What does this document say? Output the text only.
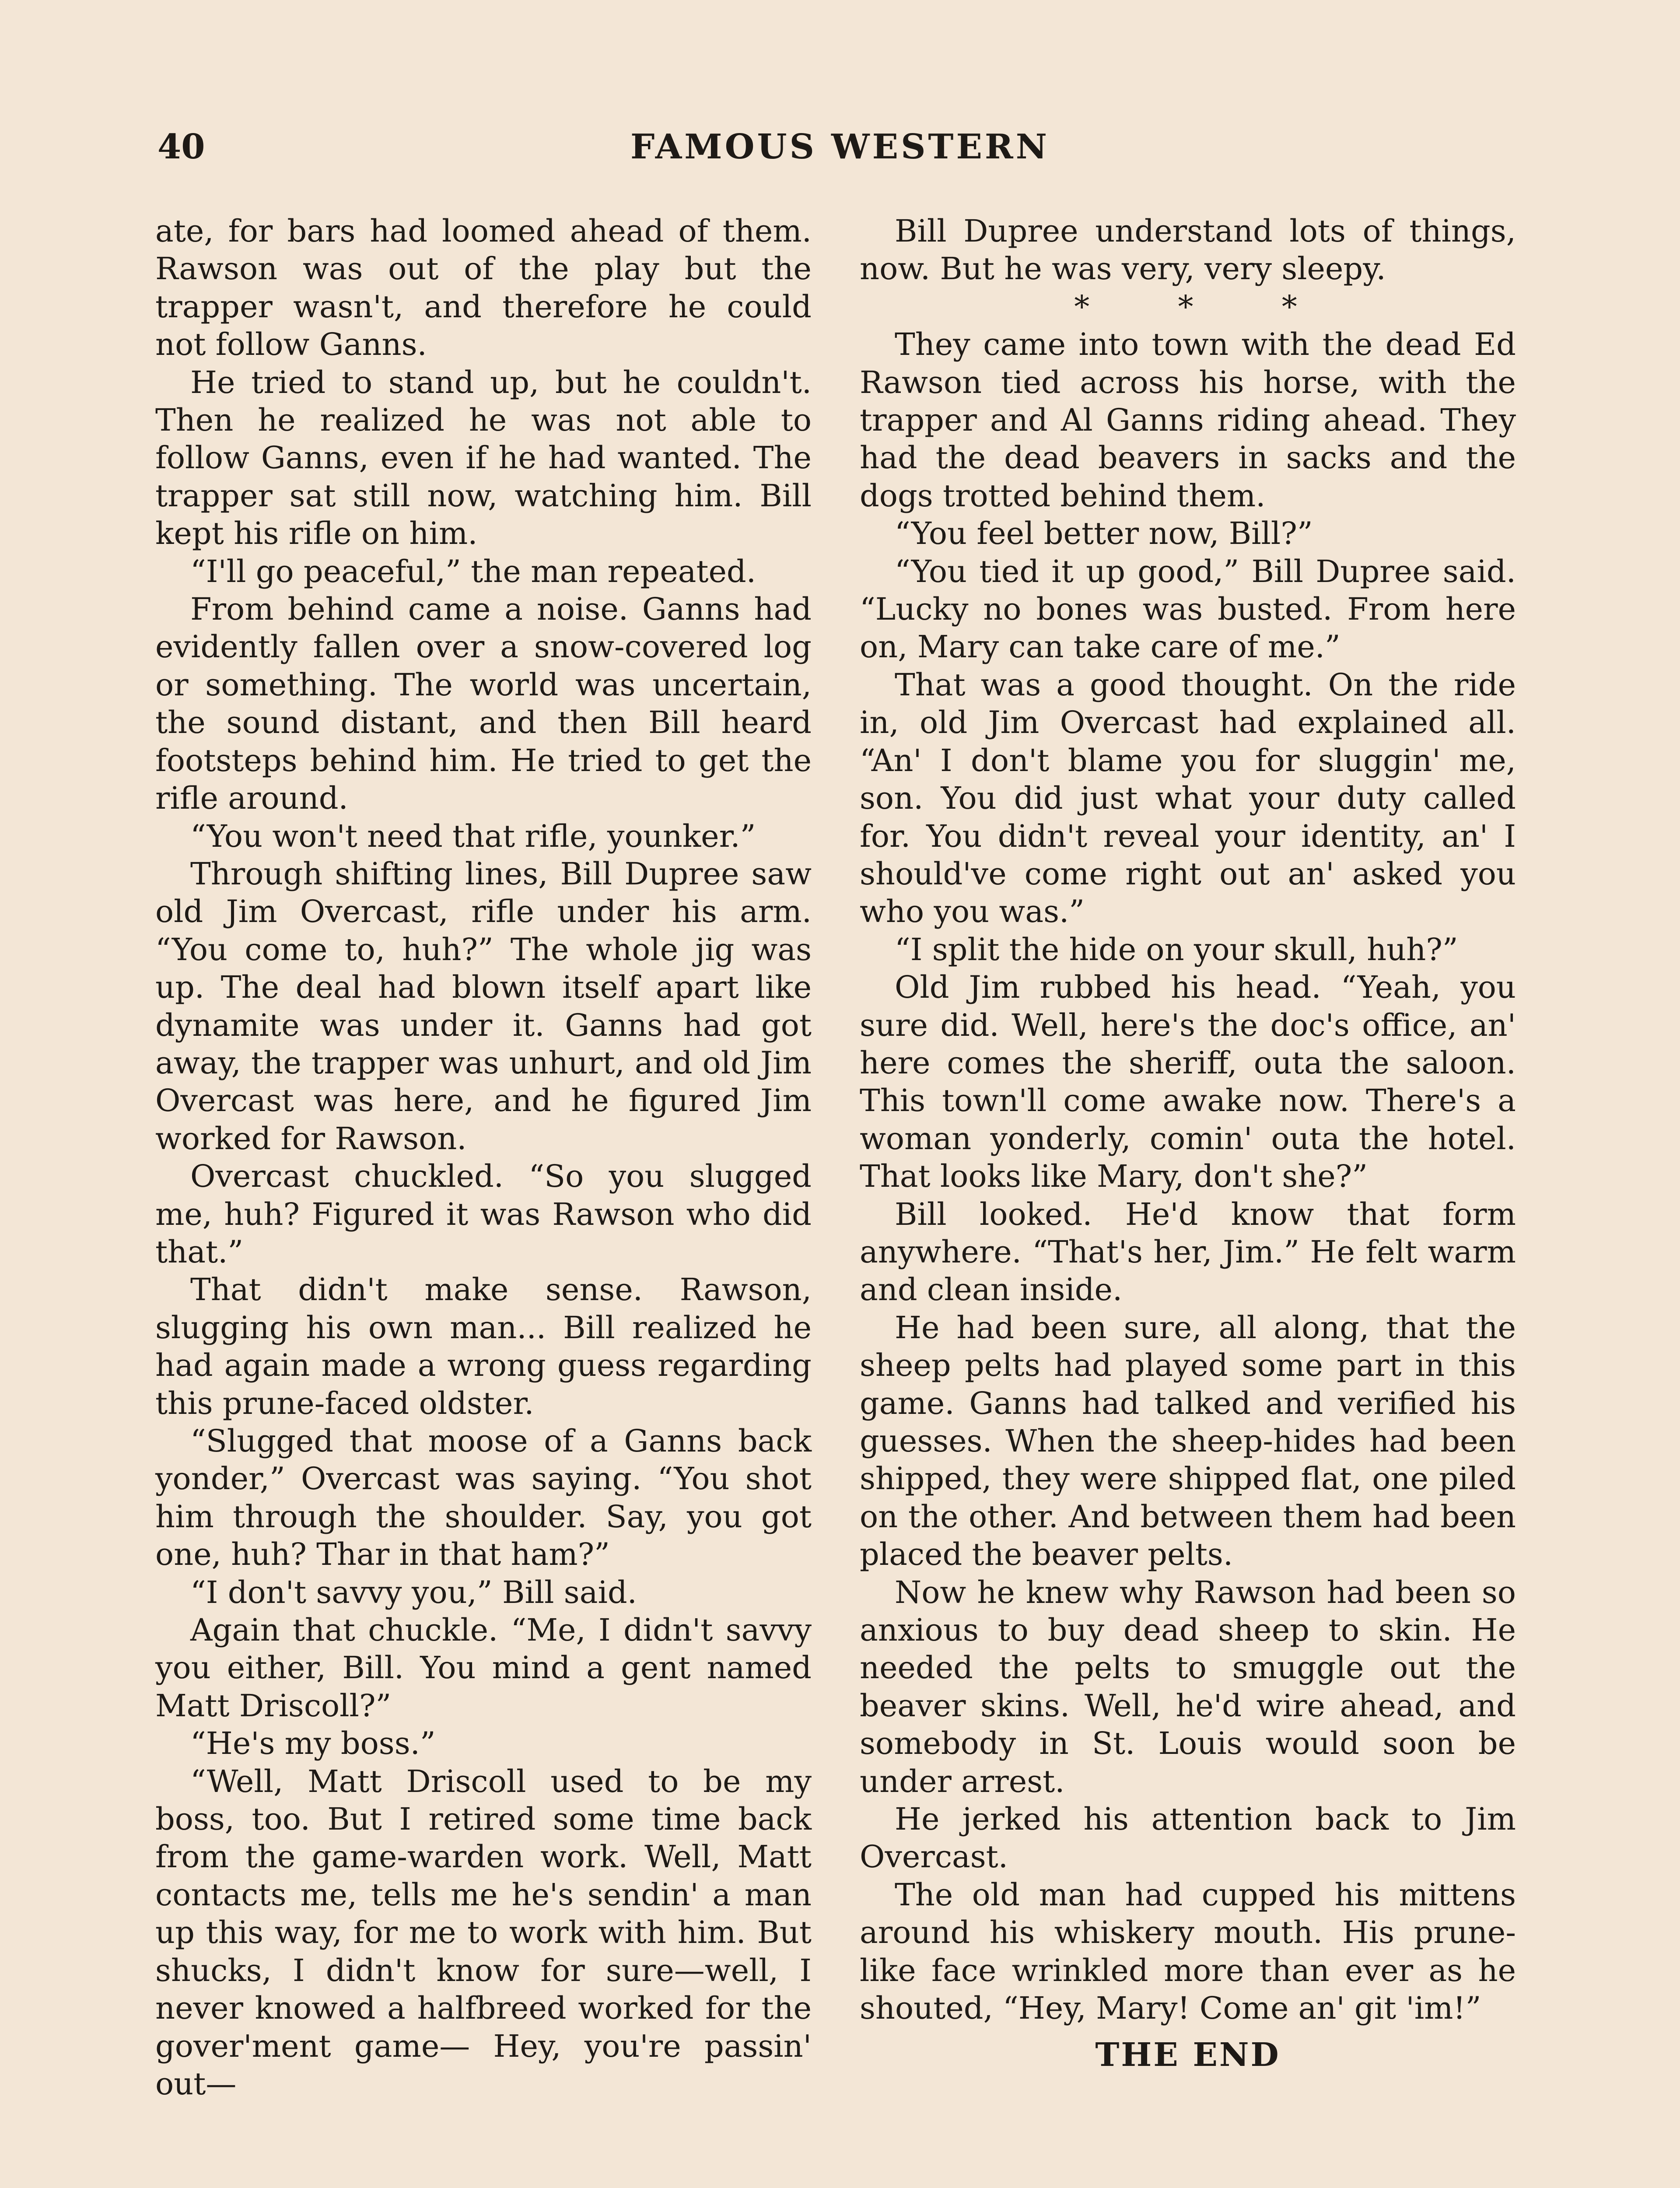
40	FAMOUS WESTERN

ate, for bars had loomed ahead of them. Rawson was out of the play but the trapper wasn't, and therefore he could not follow Ganns.

He tried to stand up, but he couldn't. Then he realized he was not able to follow Ganns, even if he had wanted. The trapper sat still now, watching him. Bill kept his rifle on him.

“I'll go peaceful,” the man repeated.

From behind came a noise. Ganns had evidently fallen over a snow-covered log or something. The world was uncertain, the sound distant, and then Bill heard footsteps behind him. He tried to get the rifle around.

“You won't need that rifle, younker.”

Through shifting lines, Bill Dupree saw old Jim Overcast, rifle under his arm. “You come to, huh?” The whole jig was up. The deal had blown itself apart like dynamite was under it. Ganns had got away, the trapper was unhurt, and old Jim Overcast was here, and he figured Jim worked for Rawson.

Overcast chuckled. “So you slugged me, huh? Figured it was Rawson who did that.”

That didn't make sense. Rawson, slugging his own man... Bill realized he had again made a wrong guess regarding this prune-faced oldster.

“Slugged that moose of a Ganns back yonder,” Overcast was saying. “You shot him through the shoulder. Say, you got one, huh? Thar in that ham?”

“I don't savvy you,” Bill said.

Again that chuckle. “Me, I didn't savvy you either, Bill. You mind a gent named Matt Driscoll?”

“He's my boss.”

“Well, Matt Driscoll used to be my boss, too. But I retired some time back from the game-warden work. Well, Matt contacts me, tells me he's sendin' a man up this way, for me to work with him. But shucks, I didn't know for sure—well, I never knowed a halfbreed worked for the gover'ment game— Hey, you're passin' out—

Bill Dupree understand lots of things, now. But he was very, very sleepy.

* * *

They came into town with the dead Ed Rawson tied across his horse, with the trapper and Al Ganns riding ahead. They had the dead beavers in sacks and the dogs trotted behind them.

“You feel better now, Bill?”

“You tied it up good,” Bill Dupree said. “Lucky no bones was busted. From here on, Mary can take care of me.”

That was a good thought. On the ride in, old Jim Overcast had explained all. “An' I don't blame you for sluggin' me, son. You did just what your duty called for. You didn't reveal your identity, an' I should've come right out an' asked you who you was.”

“I split the hide on your skull, huh?”

Old Jim rubbed his head. “Yeah, you sure did. Well, here's the doc's office, an' here comes the sheriff, outa the saloon. This town'll come awake now. There's a woman yonderly, comin' outa the hotel. That looks like Mary, don't she?”

Bill looked. He'd know that form anywhere. “That's her, Jim.” He felt warm and clean inside.

He had been sure, all along, that the sheep pelts had played some part in this game. Ganns had talked and verified his guesses. When the sheep-hides had been shipped, they were shipped flat, one piled on the other. And between them had been placed the beaver pelts.

Now he knew why Rawson had been so anxious to buy dead sheep to skin. He needed the pelts to smuggle out the beaver skins. Well, he'd wire ahead, and somebody in St. Louis would soon be under arrest.

He jerked his attention back to Jim Overcast.

The old man had cupped his mittens around his whiskery mouth. His prune-like face wrinkled more than ever as he shouted, “Hey, Mary! Come an' git 'im!”

THE END
